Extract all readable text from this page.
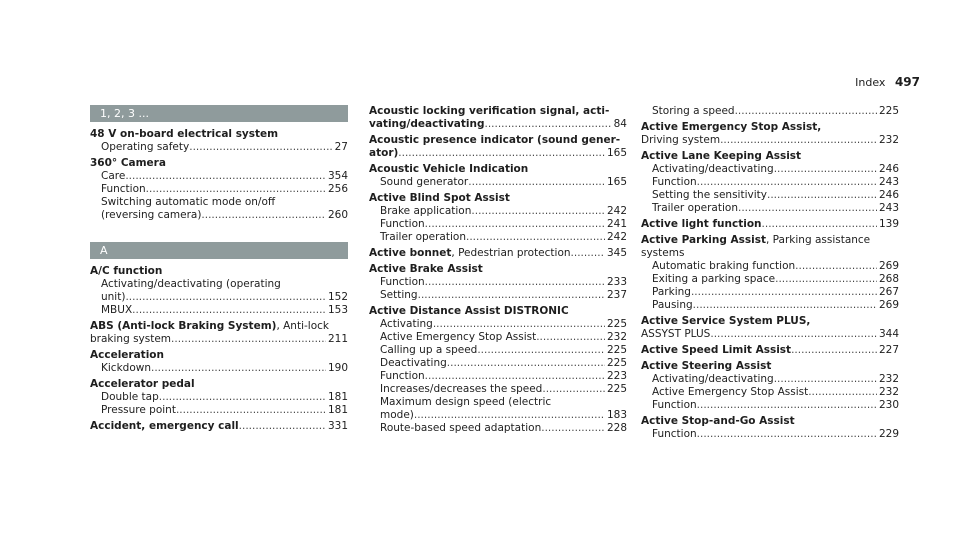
Index 497
1, 2, 3 ...
48 V on-board electrical system
Operating safety .....	27
360° Camera
Care .....	354
Function .....	256
Switching automatic mode on/off
(reversing camera) .....	260
A
A/C function
Activating/deactivating (operating
unit) .....	152
MBUX .....	153
ABS (Anti-lock Braking System), Anti-lock
braking system .....	211
Acceleration
Kickdown .....	190
Accelerator pedal
Double tap .....	181
Pressure point .....	181
Accident, emergency call .....	331
Acoustic locking verification signal, acti-
vating/deactivating .....	84
Acoustic presence indicator (sound gener-
ator) .....	165
Acoustic Vehicle Indication
Sound generator .....	165
Active Blind Spot Assist
Brake application .....	242
Function .....	241
Trailer operation .....	242
Active bonnet, Pedestrian protection .....	345
Active Brake Assist
Function .....	233
Setting .....	237
Active Distance Assist DISTRONIC
Activating .....	225
Active Emergency Stop Assist .....	232
Calling up a speed .....	225
Deactivating .....	225
Function .....	223
Increases/decreases the speed .....	225
Maximum design speed (electric
mode) .....	183
Route-based speed adaptation .....	228
Storing a speed .....	225
Active Emergency Stop Assist,
Driving system .....	232
Active Lane Keeping Assist
Activating/deactivating .....	246
Function .....	243
Setting the sensitivity .....	246
Trailer operation .....	243
Active light function .....	139
Active Parking Assist, Parking assistance systems
Automatic braking function .....	269
Exiting a parking space .....	268
Parking .....	267
Pausing .....	269
Active Service System PLUS,
ASSYST PLUS .....	344
Active Speed Limit Assist .....	227
Active Steering Assist
Activating/deactivating .....	232
Active Emergency Stop Assist .....	232
Function .....	230
Active Stop-and-Go Assist
Function .....	229
